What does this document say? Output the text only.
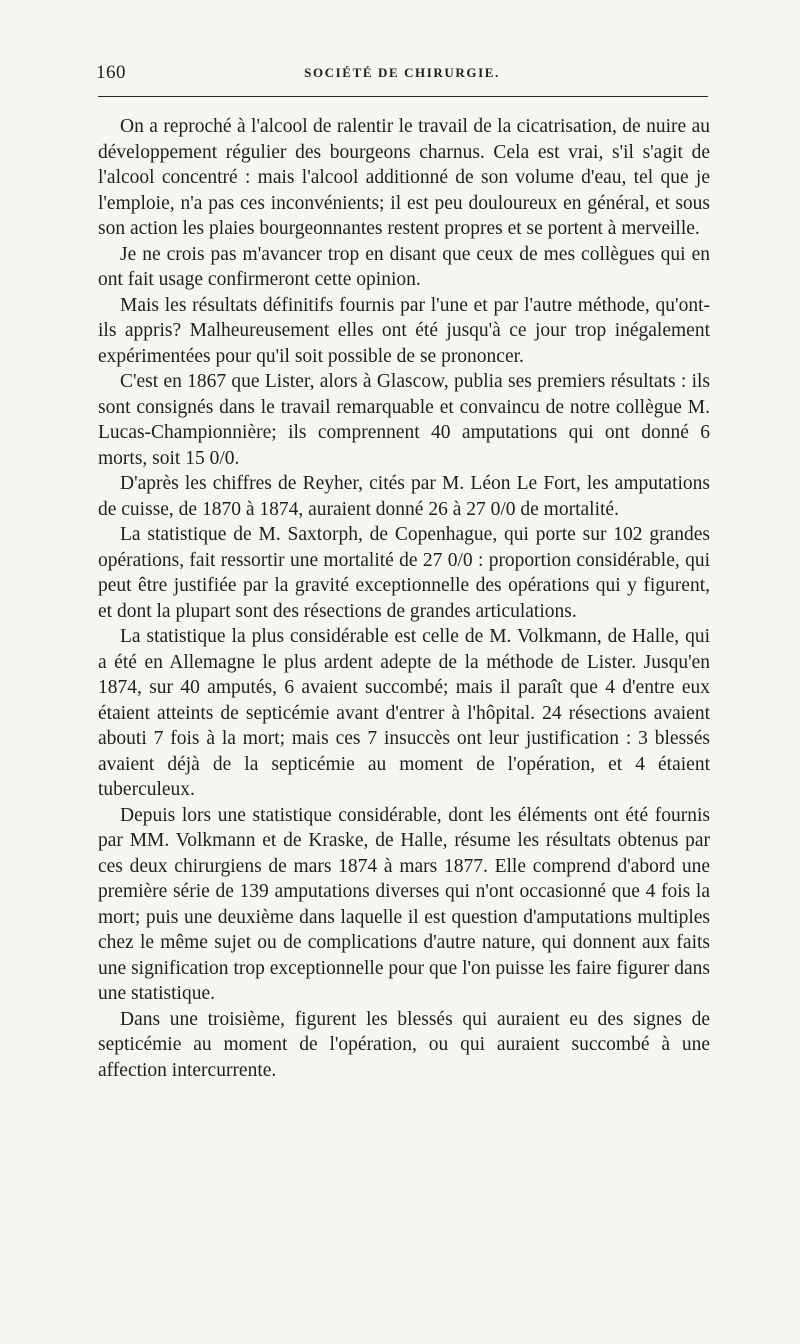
160	SOCIÉTÉ DE CHIRURGIE.

On a reproché à l'alcool de ralentir le travail de la cicatrisation, de nuire au développement régulier des bourgeons charnus. Cela est vrai, s'il s'agit de l'alcool concentré : mais l'alcool additionné de son volume d'eau, tel que je l'emploie, n'a pas ces inconvénients; il est peu douloureux en général, et sous son action les plaies bourgeonnantes restent propres et se portent à merveille.

Je ne crois pas m'avancer trop en disant que ceux de mes collègues qui en ont fait usage confirmeront cette opinion.

Mais les résultats définitifs fournis par l'une et par l'autre méthode, qu'ont-ils appris? Malheureusement elles ont été jusqu'à ce jour trop inégalement expérimentées pour qu'il soit possible de se prononcer.

C'est en 1867 que Lister, alors à Glascow, publia ses premiers résultats : ils sont consignés dans le travail remarquable et convaincu de notre collègue M. Lucas-Championnière; ils comprennent 40 amputations qui ont donné 6 morts, soit 15 0/0.

D'après les chiffres de Reyher, cités par M. Léon Le Fort, les amputations de cuisse, de 1870 à 1874, auraient donné 26 à 27 0/0 de mortalité.

La statistique de M. Saxtorph, de Copenhague, qui porte sur 102 grandes opérations, fait ressortir une mortalité de 27 0/0 : proportion considérable, qui peut être justifiée par la gravité exceptionnelle des opérations qui y figurent, et dont la plupart sont des résections de grandes articulations.

La statistique la plus considérable est celle de M. Volkmann, de Halle, qui a été en Allemagne le plus ardent adepte de la méthode de Lister. Jusqu'en 1874, sur 40 amputés, 6 avaient succombé; mais il paraît que 4 d'entre eux étaient atteints de septicémie avant d'entrer à l'hôpital. 24 résections avaient abouti 7 fois à la mort; mais ces 7 insuccès ont leur justification : 3 blessés avaient déjà de la septicémie au moment de l'opération, et 4 étaient tuberculeux.

Depuis lors une statistique considérable, dont les éléments ont été fournis par MM. Volkmann et de Kraske, de Halle, résume les résultats obtenus par ces deux chirurgiens de mars 1874 à mars 1877. Elle comprend d'abord une première série de 139 amputations diverses qui n'ont occasionné que 4 fois la mort; puis une deuxième dans laquelle il est question d'amputations multiples chez le même sujet ou de complications d'autre nature, qui donnent aux faits une signification trop exceptionnelle pour que l'on puisse les faire figurer dans une statistique.

Dans une troisième, figurent les blessés qui auraient eu des signes de septicémie au moment de l'opération, ou qui auraient succombé à une affection intercurrente.
